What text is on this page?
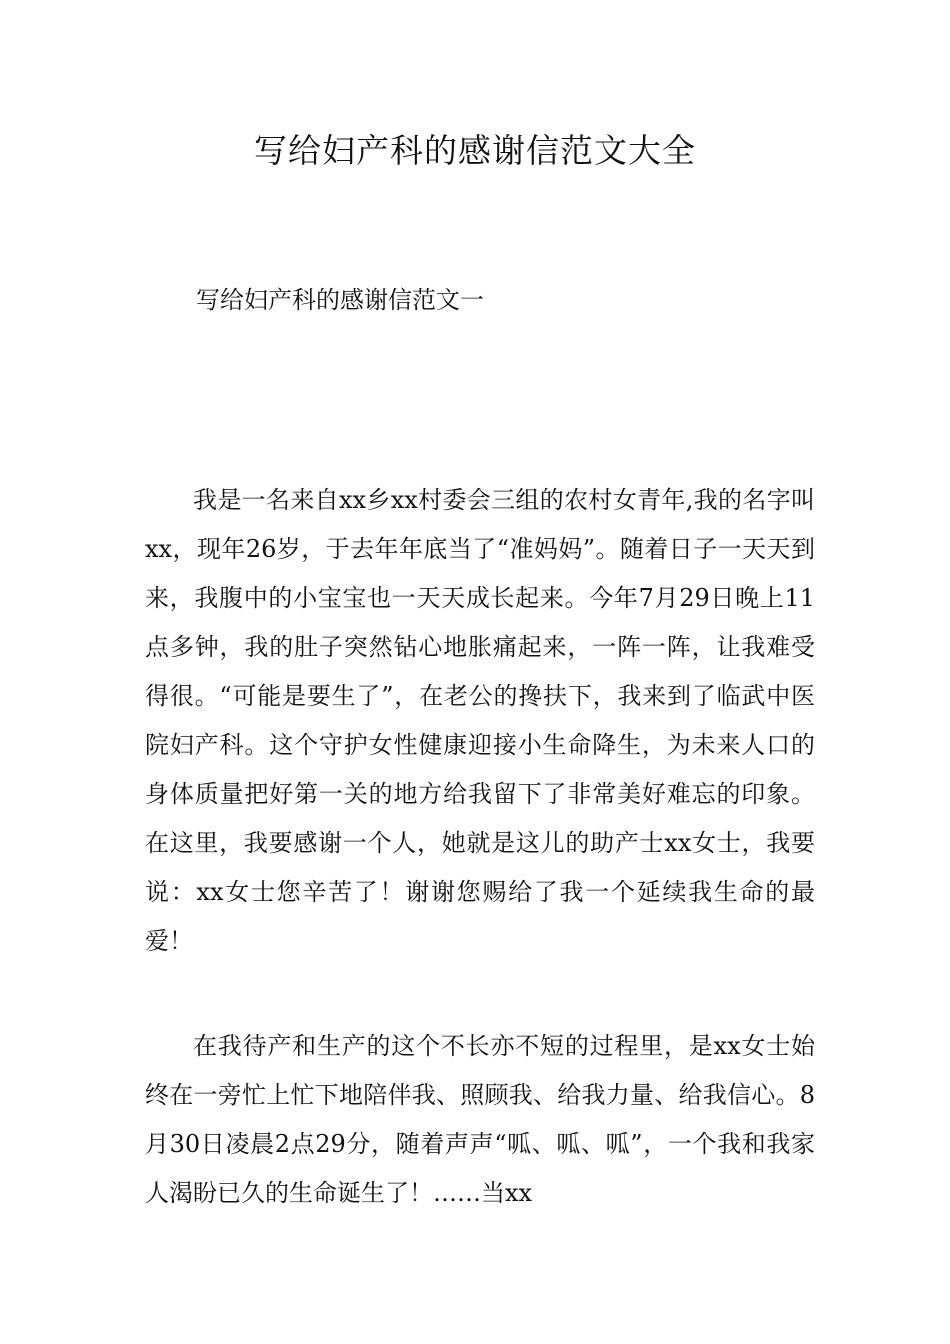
写给妇产科的感谢信范文大全
写给妇产科的感谢信范文一

我是一名来自xx乡xx村委会三组的农村女青年,我的名字叫xx，现年26岁，于去年年底当了“准妈妈”。随着日子一天天到来，我腹中的小宝宝也一天天成长起来。今年7月29日晚上11点多钟，我的肚子突然钻心地胀痛起来，一阵一阵，让我难受得很。“可能是要生了”，在老公的搀扶下，我来到了临武中医院妇产科。这个守护女性健康迎接小生命降生，为未来人口的身体质量把好第一关的地方给我留下了非常美好难忘的印象。在这里，我要感谢一个人，她就是这儿的助产士xx女士，我要说：xx女士您辛苦了！谢谢您赐给了我一个延续我生命的最爱！

在我待产和生产的这个不长亦不短的过程里，是xx女士始终在一旁忙上忙下地陪伴我、照顾我、给我力量、给我信心。8月30日凌晨2点29分，随着声声“呱、呱、呱”，一个我和我家人渴盼已久的生命诞生了！……当xx
